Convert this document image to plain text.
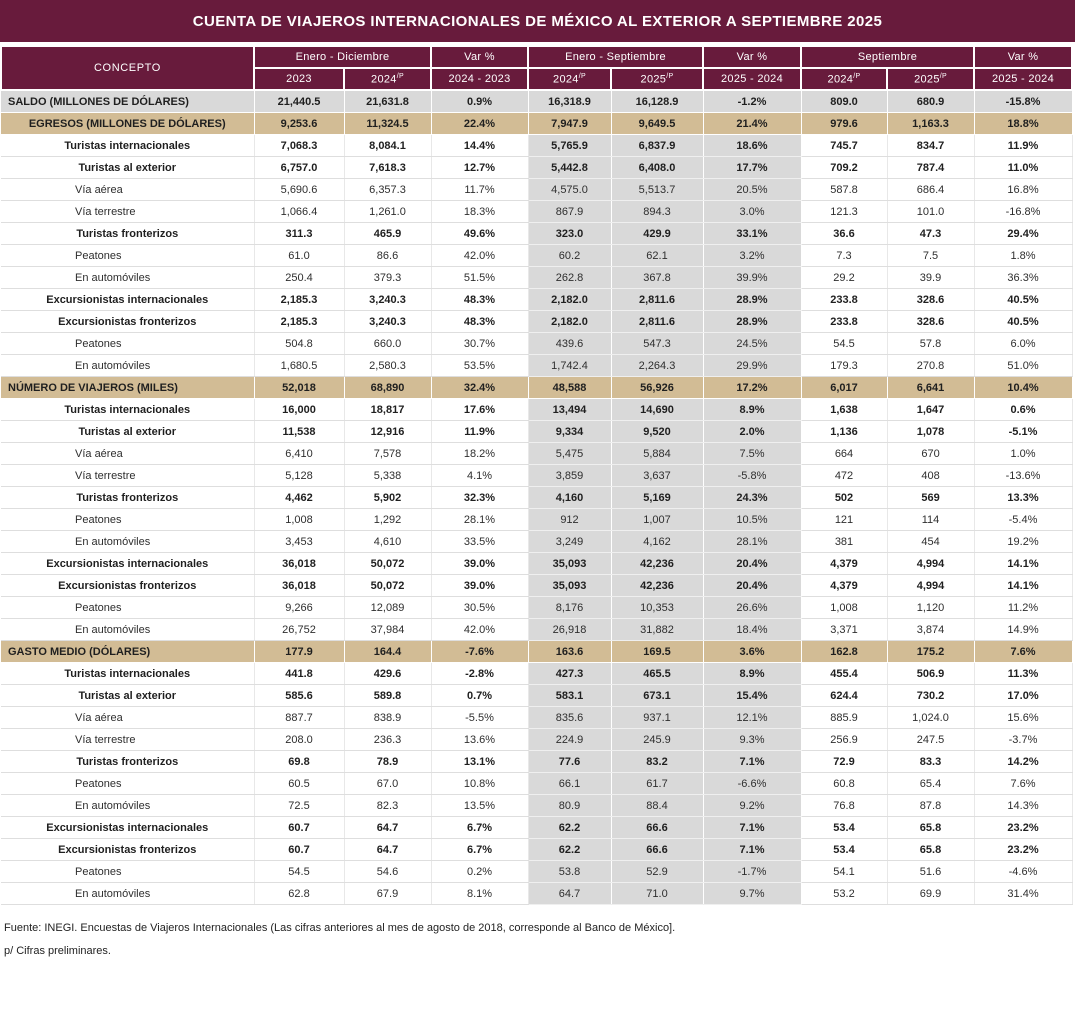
CUENTA DE VIAJEROS INTERNACIONALES DE MÉXICO AL EXTERIOR A SEPTIEMBRE 2025
CONCEPTO	Enero - Diciembre		Var %	Enero - Septiembre		Var %	Septiembre		Var %
	2023	$2024^{/P}$	2024 - 2023	$2024^{/P}$	$2025^{/P}$	2025 - 2024	$2024^{/P}$	$2025^{/P}$	2025 - 2024
SALDO (MILLONES DE DÓLARES)	21,440.5	21,631.8	0.9%	16,318.9	16,128.9	-1.2%	809.0	680.9	-15.8%
EGRESOS (MILLONES DE DÓLARES)	9,253.6	11,324.5	22.4%	7,947.9	9,649.5	21.4%	979.6	1,163.3	18.8%
Turistas internacionales	7,068.3	8,084.1	14.4%	5,765.9	6,837.9	18.6%	745.7	834.7	11.9%
Turistas al exterior	6,757.0	7,618.3	12.7%	5,442.8	6,408.0	17.7%	709.2	787.4	11.0%
Vía aérea	5,690.6	6,357.3	11.7%	4,575.0	5,513.7	20.5%	587.8	686.4	16.8%
Vía terrestre	1,066.4	1,261.0	18.3%	867.9	894.3	3.0%	121.3	101.0	-16.8%
Turistas fronterizos	311.3	465.9	49.6%	323.0	429.9	33.1%	36.6	47.3	29.4%
Peatones	61.0	86.6	42.0%	60.2	62.1	3.2%	7.3	7.5	1.8%
En automóviles	250.4	379.3	51.5%	262.8	367.8	39.9%	29.2	39.9	36.3%
Excursionistas internacionales	2,185.3	3,240.3	48.3%	2,182.0	2,811.6	28.9%	233.8	328.6	40.5%
Excursionistas fronterizos	2,185.3	3,240.3	48.3%	2,182.0	2,811.6	28.9%	233.8	328.6	40.5%
Peatones	504.8	660.0	30.7%	439.6	547.3	24.5%	54.5	57.8	6.0%
En automóviles	1,680.5	2,580.3	53.5%	1,742.4	2,264.3	29.9%	179.3	270.8	51.0%
NÚMERO DE VIAJEROS (MILES)	52,018	68,890	32.4%	48,588	56,926	17.2%	6,017	6,641	10.4%
Turistas internacionales	16,000	18,817	17.6%	13,494	14,690	8.9%	1,638	1,647	0.6%
Turistas al exterior	11,538	12,916	11.9%	9,334	9,520	2.0%	1,136	1,078	-5.1%
Vía aérea	6,410	7,578	18.2%	5,475	5,884	7.5%	664	670	1.0%
Vía terrestre	5,128	5,338	4.1%	3,859	3,637	-5.8%	472	408	-13.6%
Turistas fronterizos	4,462	5,902	32.3%	4,160	5,169	24.3%	502	569	13.3%
Peatones	1,008	1,292	28.1%	912	1,007	10.5%	121	114	-5.4%
En automóviles	3,453	4,610	33.5%	3,249	4,162	28.1%	381	454	19.2%
Excursionistas internacionales	36,018	50,072	39.0%	35,093	42,236	20.4%	4,379	4,994	14.1%
Excursionistas fronterizos	36,018	50,072	39.0%	35,093	42,236	20.4%	4,379	4,994	14.1%
Peatones	9,266	12,089	30.5%	8,176	10,353	26.6%	1,008	1,120	11.2%
En automóviles	26,752	37,984	42.0%	26,918	31,882	18.4%	3,371	3,874	14.9%
GASTO MEDIO (DÓLARES)	177.9	164.4	-7.6%	163.6	169.5	3.6%	162.8	175.2	7.6%
Turistas internacionales	441.8	429.6	-2.8%	427.3	465.5	8.9%	455.4	506.9	11.3%
Turistas al exterior	585.6	589.8	0.7%	583.1	673.1	15.4%	624.4	730.2	17.0%
Vía aérea	887.7	838.9	-5.5%	835.6	937.1	12.1%	885.9	1,024.0	15.6%
Vía terrestre	208.0	236.3	13.6%	224.9	245.9	9.3%	256.9	247.5	-3.7%
Turistas fronterizos	69.8	78.9	13.1%	77.6	83.2	7.1%	72.9	83.3	14.2%
Peatones	60.5	67.0	10.8%	66.1	61.7	-6.6%	60.8	65.4	7.6%
En automóviles	72.5	82.3	13.5%	80.9	88.4	9.2%	76.8	87.8	14.3%
Excursionistas internacionales	60.7	64.7	6.7%	62.2	66.6	7.1%	53.4	65.8	23.2%
Excursionistas fronterizos	60.7	64.7	6.7%	62.2	66.6	7.1%	53.4	65.8	23.2%
Peatones	54.5	54.6	0.2%	53.8	52.9	-1.7%	54.1	51.6	-4.6%
En automóviles	62.8	67.9	8.1%	64.7	71.0	9.7%	53.2	69.9	31.4%
Fuente: INEGI. Encuestas de Viajeros Internacionales (Las cifras anteriores al mes de agosto de 2018, corresponde al Banco de México].
p/ Cifras preliminares.
